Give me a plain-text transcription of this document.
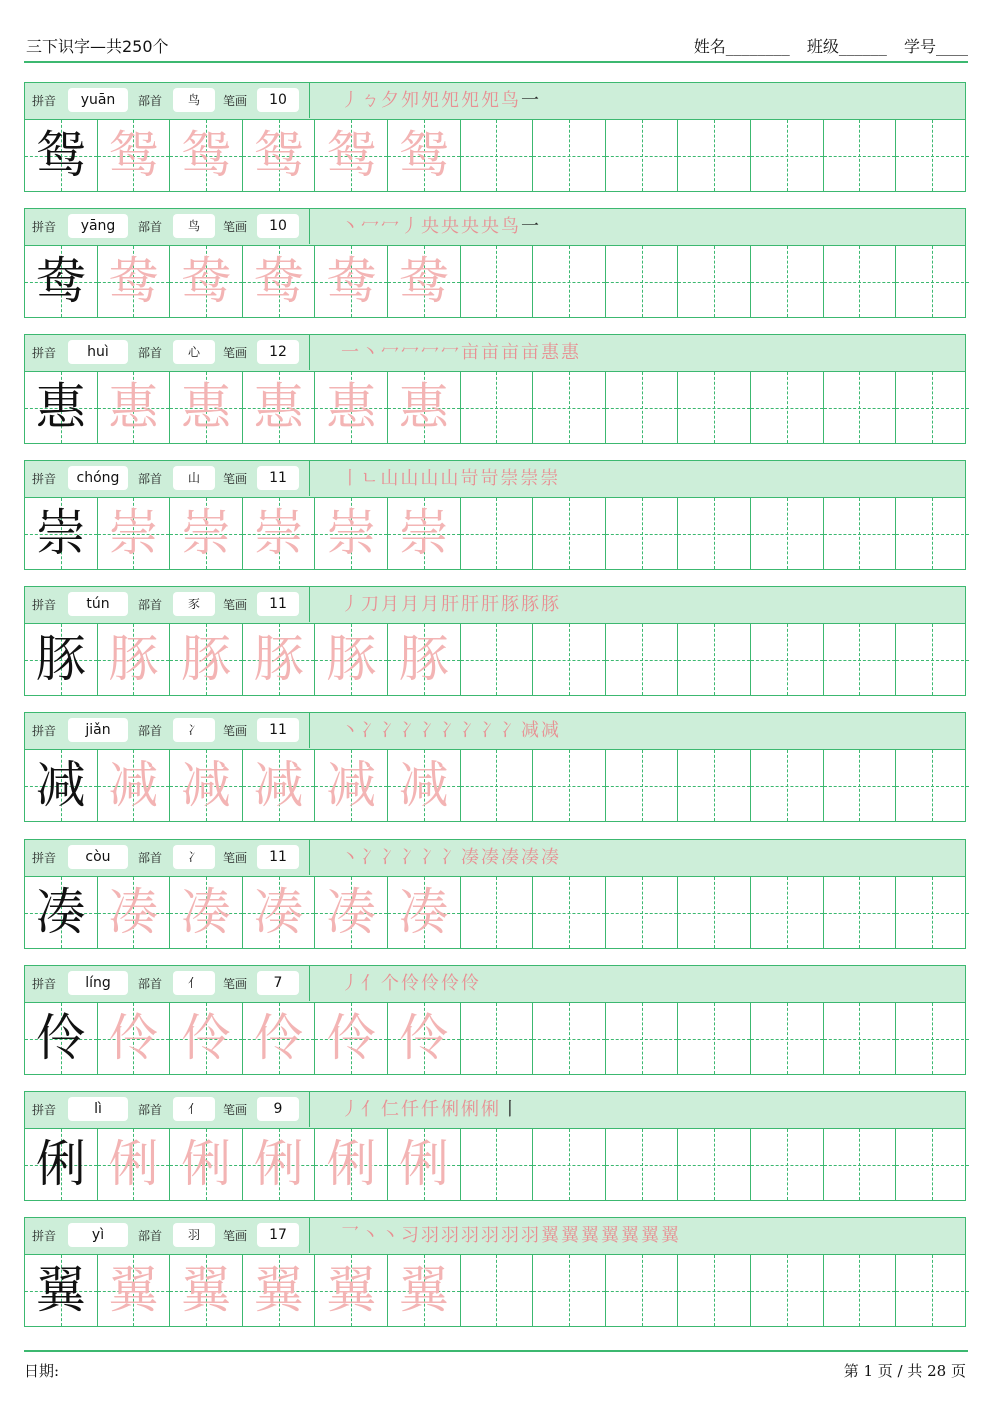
三下识字—共250个	姓名________ 班级______ 学号____
拼音	yuān	部首	鸟	笔画	10	丿ㄅ夕夘夗夗夗夗鸟一
鸳 鸳 鸳 鸳 鸳 鸳
拼音	yāng	部首	鸟	笔画	10	丶冖冖丿央央央央鸟一
鸯 鸯 鸯 鸯 鸯 鸯
拼音	huì	部首	心	笔画	12	一丶冖冖冖冖亩亩亩亩惠惠
惠 惠 惠 惠 惠 惠
拼音	chóng	部首	山	笔画	11	丨ㄴ山山山山岢岢崇崇崇
崇 崇 崇 崇 崇 崇
拼音	tún	部首	豕	笔画	11	丿刀月月月肝肝肝豚豚豚
豚 豚 豚 豚 豚 豚
拼音	jiǎn	部首	冫	笔画	11	丶冫冫冫冫冫冫冫冫减减
减 减 减 减 减 减
拼音	còu	部首	冫	笔画	11	丶冫冫冫冫冫凑凑凑凑凑
凑 凑 凑 凑 凑 凑
拼音	líng	部首	亻	笔画	7	丿亻个伶伶伶伶
伶 伶 伶 伶 伶 伶
拼音	lì	部首	亻	笔画	9	丿亻仁仟仟俐俐俐丨
俐 俐 俐 俐 俐 俐
拼音	yì	部首	羽	笔画	17	乛丶丶习羽羽羽羽羽羽翼翼翼翼翼翼翼
翼 翼 翼 翼 翼 翼
日期:	第 1 页 / 共 28 页
